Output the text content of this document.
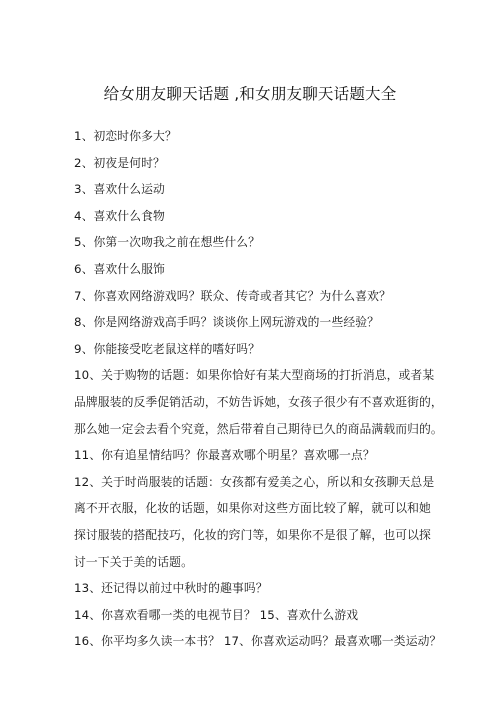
给女朋友聊天话题 ,和女朋友聊天话题大全
1、初恋时你多大？
2、初夜是何时？
3、喜欢什么运动
4、喜欢什么食物
5、你第一次吻我之前在想些什么？
6、喜欢什么服饰
7、你喜欢网络游戏吗？联众、传奇或者其它？为什么喜欢？
8、你是网络游戏高手吗？谈谈你上网玩游戏的一些经验？
9、你能接受吃老鼠这样的嗜好吗？
10、关于购物的话题：如果你恰好有某大型商场的打折消息，或者某
品牌服装的反季促销活动，不妨告诉她，女孩子很少有不喜欢逛街的，
那么她一定会去看个究竟，然后带着自己期待已久的商品满载而归的。
11、你有追星情结吗？你最喜欢哪个明星？喜欢哪一点？
12、关于时尚服装的话题：女孩都有爱美之心，所以和女孩聊天总是
离不开衣服，化妆的话题，如果你对这些方面比较了解，就可以和她
探讨服装的搭配技巧，化妆的窍门等，如果你不是很了解，也可以探
讨一下关于美的话题。
13、还记得以前过中秋时的趣事吗？
14、你喜欢看哪一类的电视节目？ 15、喜欢什么游戏
16、你平均多久读一本书？ 17、你喜欢运动吗？最喜欢哪一类运动？
